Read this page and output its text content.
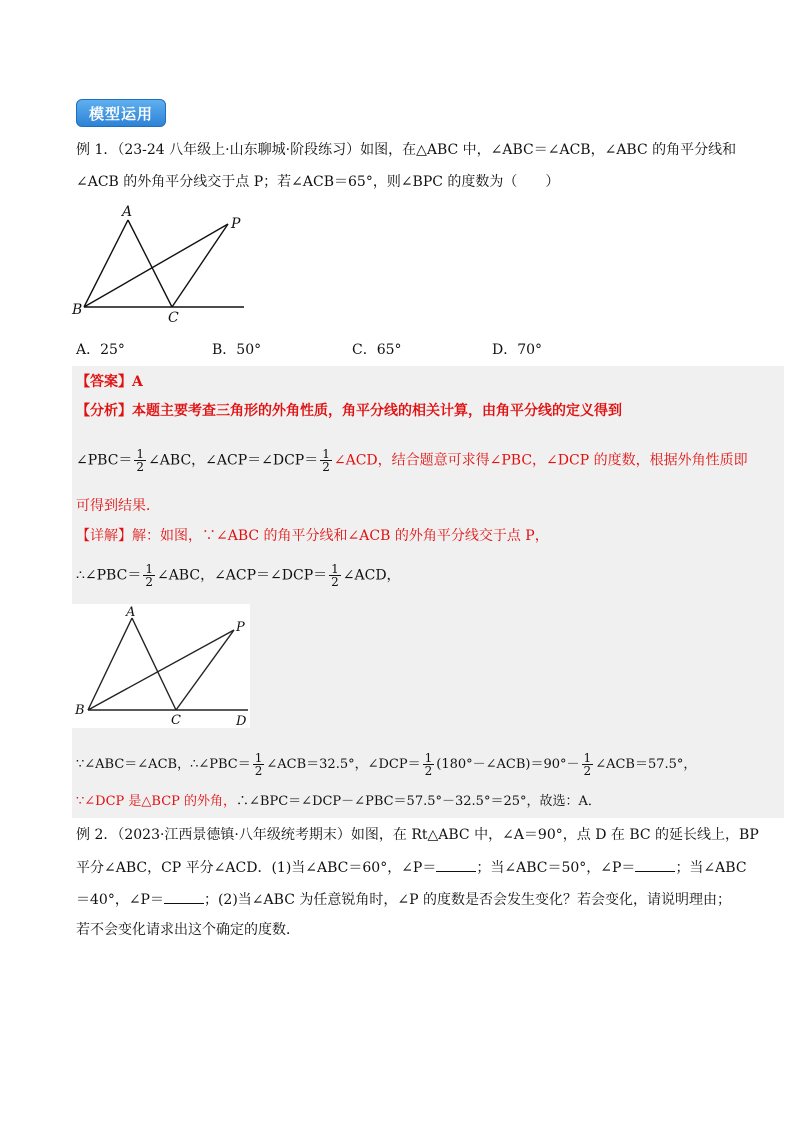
模型运用
例 1．（23-24 八年级上·山东聊城·阶段练习）如图，在△ABC 中，∠ABC＝∠ACB，∠ABC 的角平分线和
∠ACB 的外角平分线交于点 P；若∠ACB＝65°，则∠BPC 的度数为（　　）
A
B	C
P
A．25°	B．50°	C．65°	D．70°
【答案】A
【分析】本题主要考查三角形的外角性质，角平分线的相关计算，由角平分线的定义得到
∠PBC＝ $\frac{1}{2}$ ∠ABC，∠ACP＝∠DCP＝ $\frac{1}{2}$ ∠ACD，结合题意可求得∠PBC，∠DCP 的度数，根据外角性质即
可得到结果．
【详解】解：如图，∵∠ABC 的角平分线和∠ACB 的外角平分线交于点 P，
∴∠PBC＝ $\frac{1}{2}$ ∠ABC，∠ACP＝∠DCP＝ $\frac{1}{2}$ ∠ACD，
A
B
C
P
D
∵∠ABC＝∠ACB，∴∠PBC＝ $\frac{1}{2}$ ∠ACB＝32.5°，∠DCP＝ $\frac{1}{2}$ (180°－∠ACB)＝90°－ $\frac{1}{2}$ ∠ACB＝57.5°，
∵∠DCP 是△BCP 的外角，∴∠BPC＝∠DCP－∠PBC＝57.5°－32.5°＝25°，故选：A．
例 2．（2023·江西景德镇·八年级统考期末）如图，在 Rt△ABC 中，∠A＝90°，点 D 在 BC 的延长线上，BP
平分∠ABC，CP 平分∠ACD．(1)当∠ABC＝60°，∠P＝	；当∠ABC＝50°，∠P＝	；当∠ABC
＝40°，∠P＝	；(2)当∠ABC 为任意锐角时，∠P 的度数是否会发生变化？若会变化，请说明理由；
若不会变化请求出这个确定的度数．
